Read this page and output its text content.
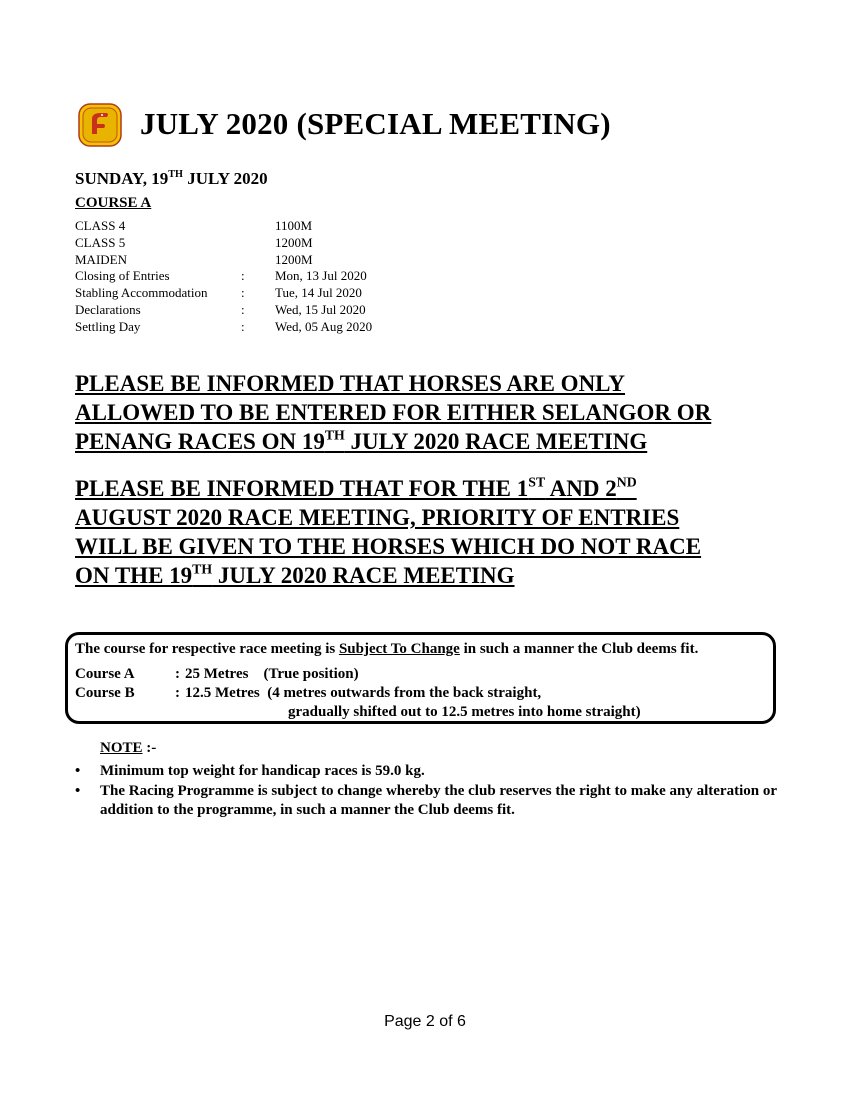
JULY 2020 (SPECIAL MEETING)
SUNDAY, 19TH JULY 2020
COURSE A
CLASS 4	1100M
CLASS 5	1200M
MAIDEN	1200M
Closing of Entries	:	Mon, 13 Jul 2020
Stabling Accommodation	:	Tue, 14 Jul 2020
Declarations	:	Wed, 15 Jul 2020
Settling Day	:	Wed, 05 Aug 2020
PLEASE BE INFORMED THAT HORSES ARE ONLY
ALLOWED TO BE ENTERED FOR EITHER SELANGOR OR
PENANG RACES ON 19TH JULY 2020 RACE MEETING
PLEASE BE INFORMED THAT FOR THE 1ST AND 2ND
AUGUST 2020 RACE MEETING, PRIORITY OF ENTRIES
WILL BE GIVEN TO THE HORSES WHICH DO NOT RACE
ON THE 19TH JULY 2020 RACE MEETING
The course for respective race meeting is Subject To Change in such a manner the Club deems fit.
Course A	: 25 Metres    (True position)
Course B	: 12.5 Metres  (4 metres outwards from the back straight,
gradually shifted out to 12.5 metres into home straight)
NOTE :-
• Minimum top weight for handicap races is 59.0 kg.
• The Racing Programme is subject to change whereby the club reserves the right to make any alteration or addition to the programme, in such a manner the Club deems fit.
Page 2 of 6
